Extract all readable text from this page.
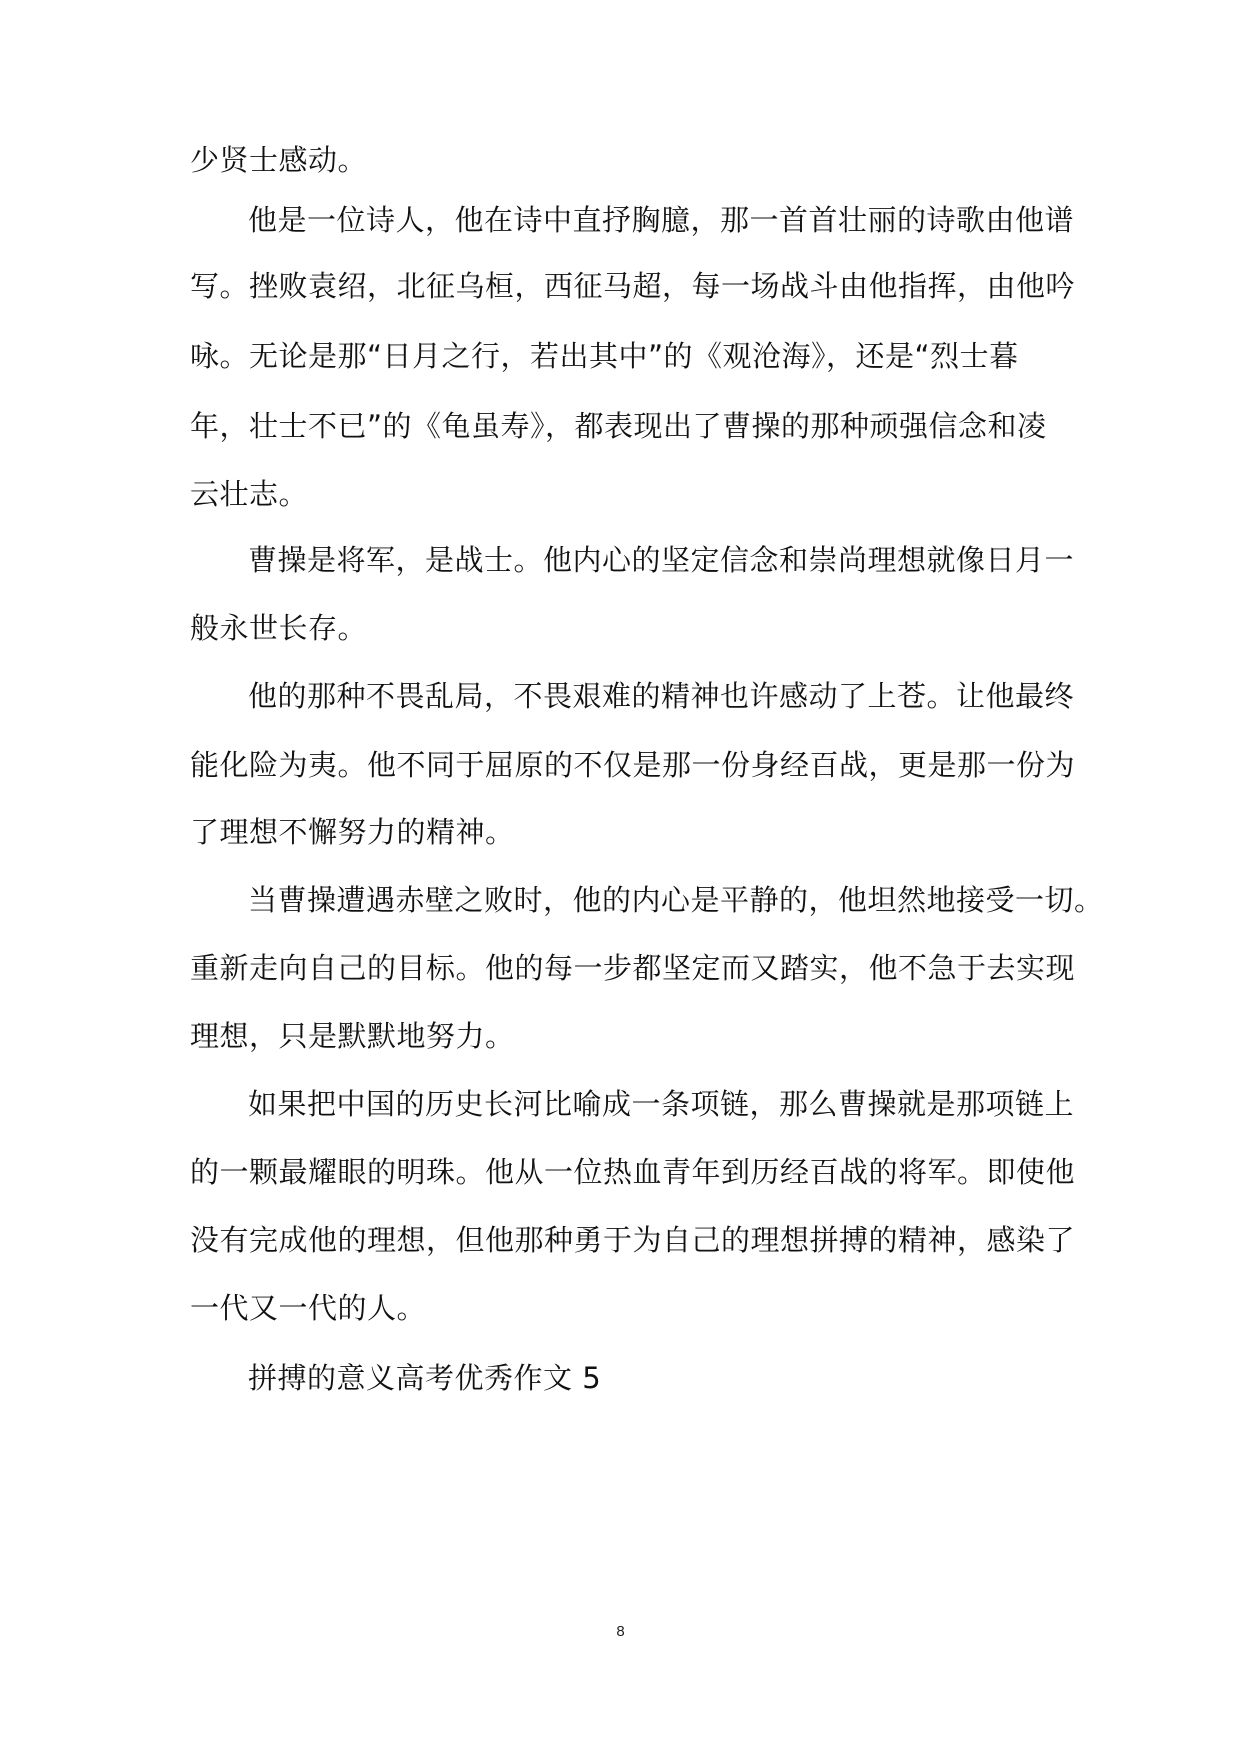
少贤士感动。
他是一位诗人，他在诗中直抒胸臆，那一首首壮丽的诗歌由他谱
写。挫败袁绍，北征乌桓，西征马超，每一场战斗由他指挥，由他吟
咏。无论是那“日月之行，若出其中”的《观沧海》，还是“烈士暮
年，壮士不已”的《龟虽寿》，都表现出了曹操的那种顽强信念和凌
云壮志。
曹操是将军，是战士。他内心的坚定信念和崇尚理想就像日月一
般永世长存。
他的那种不畏乱局，不畏艰难的精神也许感动了上苍。让他最终
能化险为夷。他不同于屈原的不仅是那一份身经百战，更是那一份为
了理想不懈努力的精神。
当曹操遭遇赤壁之败时，他的内心是平静的，他坦然地接受一切。
重新走向自己的目标。他的每一步都坚定而又踏实，他不急于去实现
理想，只是默默地努力。
如果把中国的历史长河比喻成一条项链，那么曹操就是那项链上
的一颗最耀眼的明珠。他从一位热血青年到历经百战的将军。即使他
没有完成他的理想，但他那种勇于为自己的理想拼搏的精神，感染了
一代又一代的人。
拼搏的意义高考优秀作文 5
8
